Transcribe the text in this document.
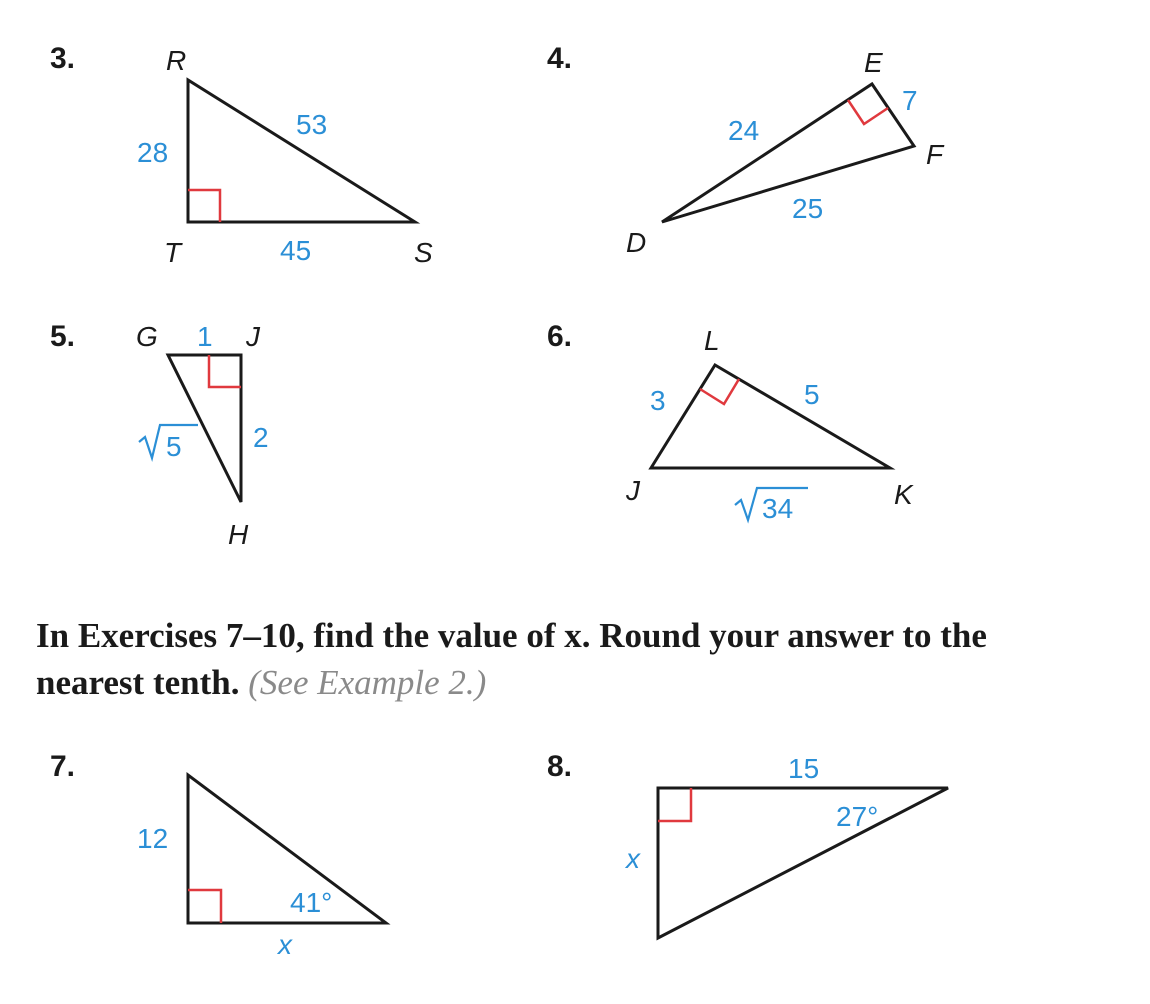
3.	R
T	S
28
53
45
4.	E
F
D
24
7
25
5. G	J
H
1
5	2
6.	L
J	K
3	5
34
7.
12
41°
x
8.	15
27°
x

In Exercises 7–10, find the value of x. Round your answer to the nearest tenth. (See Example 2.)
